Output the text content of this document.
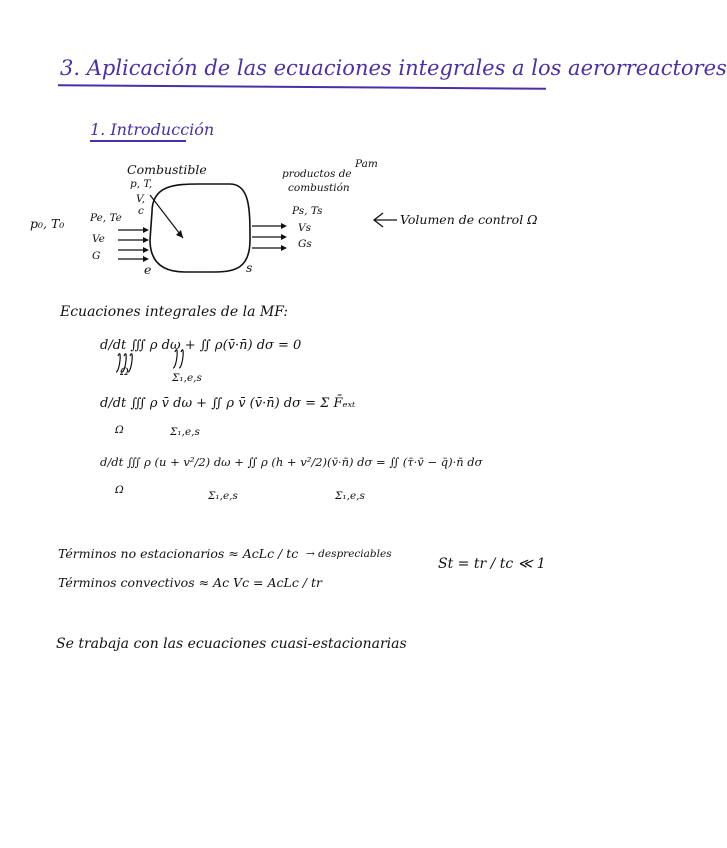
3. Aplicación de las ecuaciones integrales a los aerorreactores
1. Introducción
Combustible
p, T,
V,
c
productos de
combustión
Pam
p₀, T₀ Pe, Te
Ve
G
e
Ps, Ts
Vs
Gs
s
Volumen de control Ω
Ecuaciones integrales de la MF:
d/dt ∭ ρ dω + ∬ ρ(v̄·n̄) dσ = 0
Ω	Σ₁,e,s
d/dt ∭ ρ v̄ dω + ∬ ρ v̄ (v̄·n̄) dσ = Σ F̄ₑₓₜ
Ω	Σ₁,e,s
d/dt ∭ ρ (u + v²/2) dω + ∬ ρ (h + v²/2)(v̄·n̄) dσ = ∬ (τ̄·v̄ − q̄)·n̄ dσ
Ω	Σ₁,e,s	Σ₁,e,s
Términos no estacionarios ≈ AcLc / tc → despreciables
Términos convectivos ≈ Ac Vc = AcLc / tr
St = tr / tc ≪ 1
Se trabaja con las ecuaciones cuasi-estacionarias
